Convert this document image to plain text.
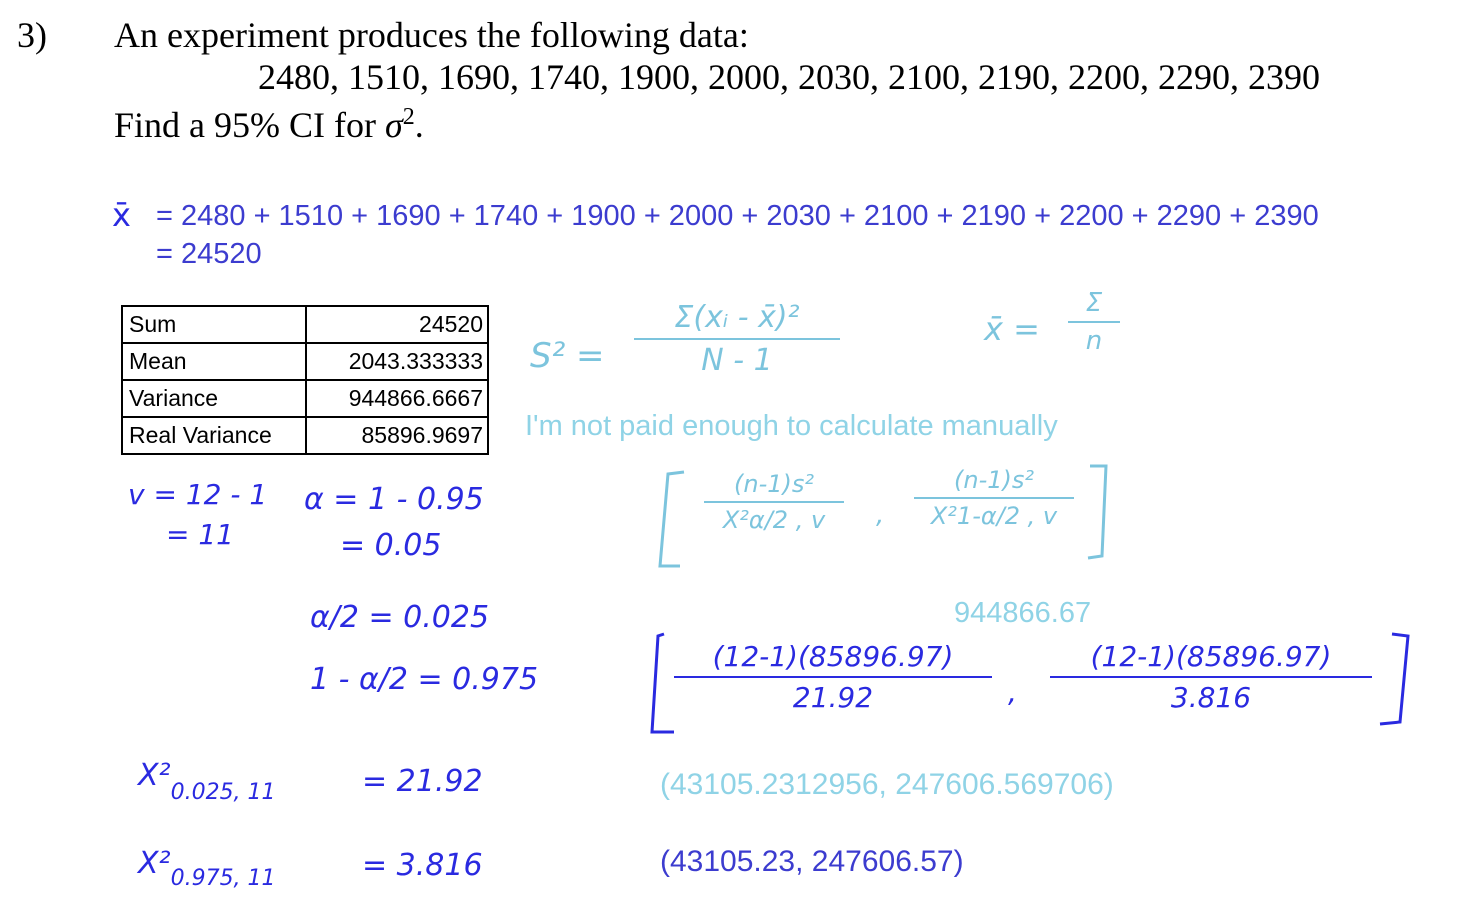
3) An experiment produces the following data:
2480, 1510, 1690, 1740, 1900, 2000, 2030, 2100, 2190, 2200, 2290, 2390
Find a 95% CI for $\sigma^2$.
x̄ = 2480 + 1510 + 1690 + 1740 + 1900 + 2000 + 2030 + 2100 + 2190 + 2200 + 2290 + 2390
= 24520
Sum	24520
Mean	2043.333333
Variance	944866.6667
Real Variance	85896.9697
S² =
Σ(xᵢ - x̄)²
N - 1
x̄ =
Σ
n
I'm not paid enough to calculate manually
(n-1)s²
X²α/2 , v	,
(n-1)s²
X²1-α/2 , v
v = 12 - 1
= 11
α = 1 - 0.95
= 0.05
α/2 = 0.025
1 - α/2 = 0.975
$X^2_{0.025, 11}$	= 21.92
$X^2_{0.975, 11}$	= 3.816
944866.67
(12-1)(85896.97)
21.92	,
(12-1)(85896.97)
3.816
(43105.2312956, 247606.569706)
(43105.23, 247606.57)
